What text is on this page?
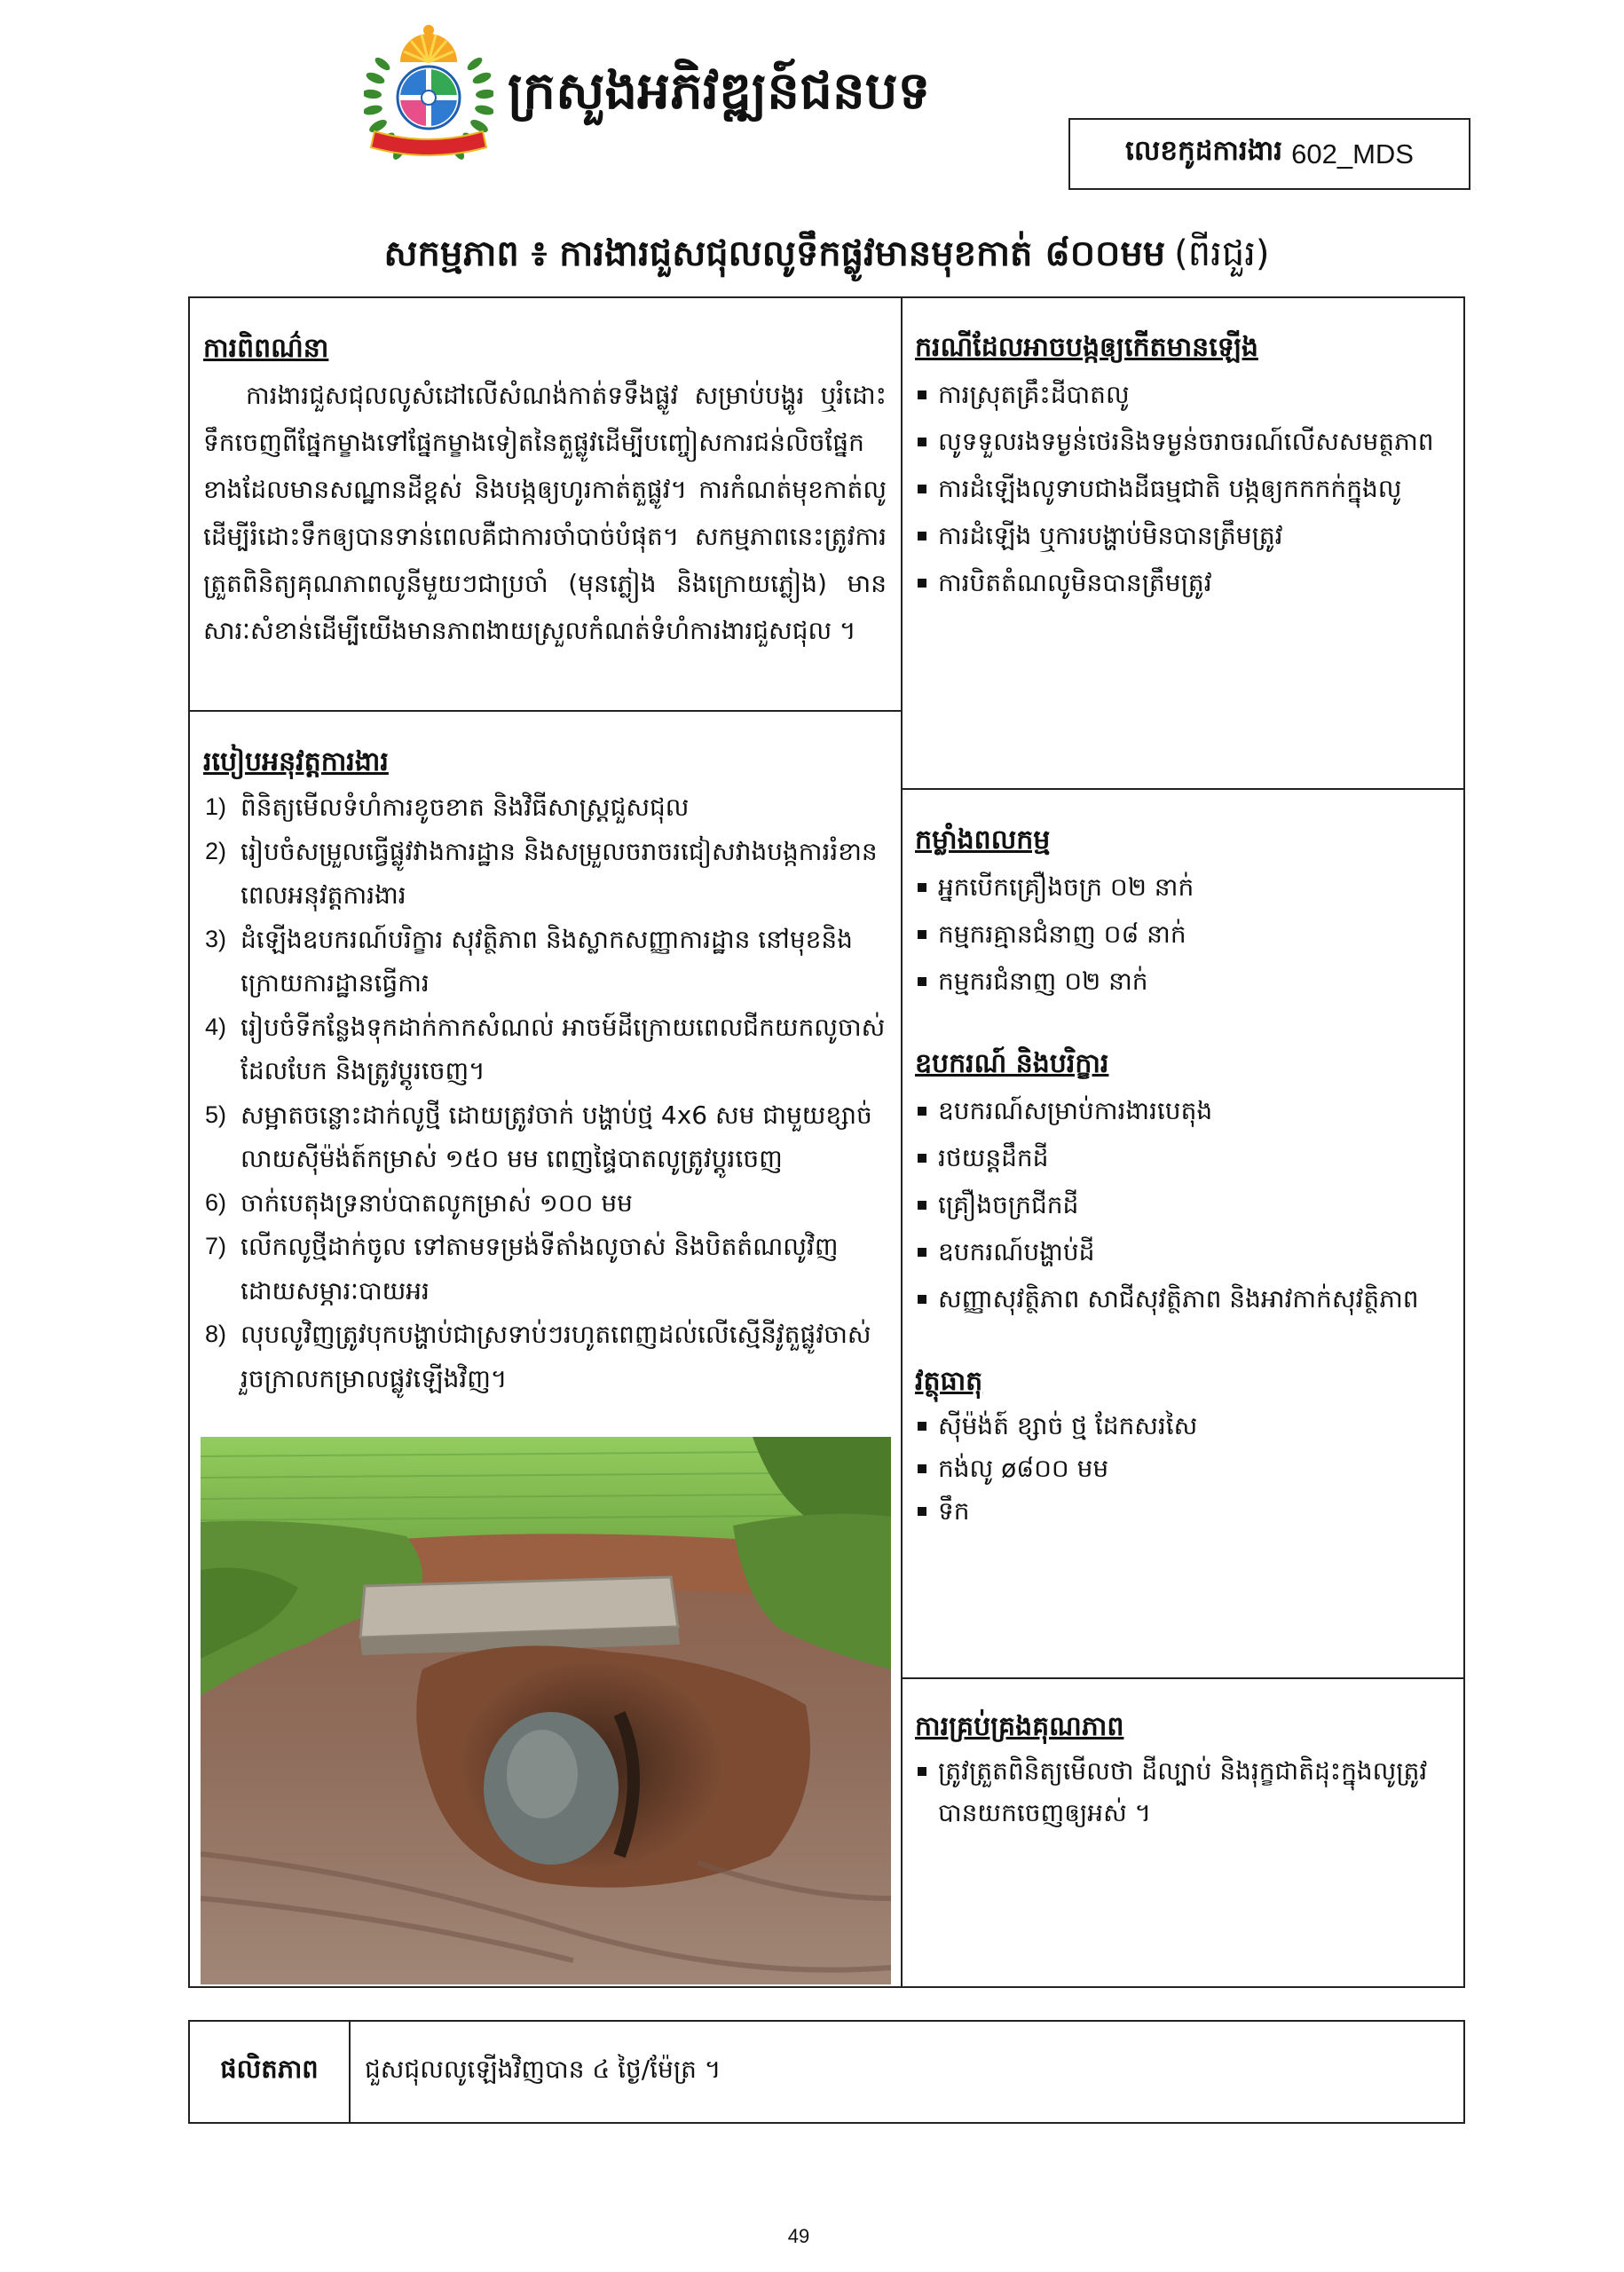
ក្រសួងអភិវឌ្ឍន៍ជនបទ
លេខកូដការងារ 602_MDS
សកម្មភាព ៖ ការងារជួសជុលលូទឹកផ្លូវមានមុខកាត់ ៨០០មម (ពីរជួរ)
ការពិពណ៌នា
ការងារជួសជុលលូសំដៅលើសំណង់កាត់ទទឹងផ្លូវ សម្រាប់បង្ហូរ ឬរំដោះទឹកចេញពីផ្នែកម្ខាងទៅផ្នែកម្ខាងទៀតនៃតួផ្លូវដើម្បីបញ្ចៀសការជន់លិចផ្នែកខាងដែលមានសណ្ឋានដីខ្ពស់ និងបង្កឲ្យហូរកាត់តួផ្លូវ។ ការកំណត់មុខកាត់លូដើម្បីរំដោះទឹកឲ្យបានទាន់ពេលគឺជាការចាំបាច់បំផុត។ សកម្មភាពនេះត្រូវការត្រួតពិនិត្យគុណភាពលូនីមួយៗជាប្រចាំ (មុនភ្លៀង និងក្រោយភ្លៀង) មានសារៈសំខាន់ដើម្បីយើងមានភាពងាយស្រួលកំណត់ទំហំការងារជួសជុល ។
របៀបអនុវត្តការងារ
1) ពិនិត្យមើលទំហំការខូចខាត និងវិធីសាស្ត្រជួសជុល
2) រៀបចំសម្រួលធ្វើផ្លូវវាងការដ្ឋាន និងសម្រួលចរាចរជៀសវាងបង្កការរំខានពេលអនុវត្តការងារ
3) ដំឡើងឧបករណ៍បរិក្ខារ សុវត្ថិភាព និងស្លាកសញ្ញាការដ្ឋាន នៅមុខនិងក្រោយការដ្ឋានធ្វើការ
4) រៀបចំទីកន្លែងទុកដាក់កាកសំណល់ អាចម៍ដីក្រោយពេលជីកយកលូចាស់ដែលបែក និងត្រូវប្តូរចេញ។
5) សម្អាតចន្លោះដាក់លូថ្មី ដោយត្រូវចាក់ បង្ហាប់ថ្ម 4x6 សម ជាមួយខ្សាច់លាយស៊ីម៉ង់ត៍កម្រាស់ ១៥០ មម ពេញផ្ទៃបាតលូត្រូវប្តូរចេញ
6) ចាក់បេតុងទ្រនាប់បាតលូកម្រាស់ ១០០ មម
7) លើកលូថ្មីដាក់ចូល ទៅតាមទម្រង់ទីតាំងលូចាស់ និងបិតតំណលូវិញដោយសម្ភារៈបាយអរ
8) លុបលូវិញត្រូវបុកបង្ហាប់ជាស្រទាប់ៗរហូតពេញដល់លើស្មើនីវូតួផ្លូវចាស់ រួចក្រាលកម្រាលផ្លូវឡើងវិញ។
ករណីដែលអាចបង្កឲ្យកើតមានឡើង
ការស្រុតគ្រឹះដីបាតលូ
លូទទួលរងទម្ងន់ថេរនិងទម្ងន់ចរាចរណ៍លើសសមត្ថភាព
ការដំឡើងលូទាបជាងដីធម្មជាតិ បង្កឲ្យកកកក់ក្នុងលូ
ការដំឡើង ឬការបង្ហាប់មិនបានត្រឹមត្រូវ
ការបិតតំណលូមិនបានត្រឹមត្រូវ
កម្លាំងពលកម្ម
អ្នកបើកគ្រឿងចក្រ ០២ នាក់
កម្មករគ្មានជំនាញ ០៨ នាក់
កម្មករជំនាញ ០២ នាក់
ឧបករណ៍ និងបរិក្ខារ
ឧបករណ៍សម្រាប់ការងារបេតុង
រថយន្តដឹកដី
គ្រឿងចក្រជីកដី
ឧបករណ៍បង្ហាប់ដី
សញ្ញាសុវត្ថិភាព សាជីសុវត្ថិភាព និងអាវកាក់សុវត្ថិភាព
វត្ថុធាតុ
ស៊ីម៉ង់ត៍ ខ្សាច់ ថ្ម ដែកសរសៃ
កង់លូ ø៨០០ មម
ទឹក
ការគ្រប់គ្រងគុណភាព
ត្រូវត្រួតពិនិត្យមើលថា ដីល្បាប់ និងរុក្ខជាតិដុះក្នុងលូត្រូវបានយកចេញឲ្យអស់ ។
ផលិតភាព	ជួសជុលលូឡើងវិញបាន ៤ ថ្ងៃ/ម៉ែត្រ ។
49
